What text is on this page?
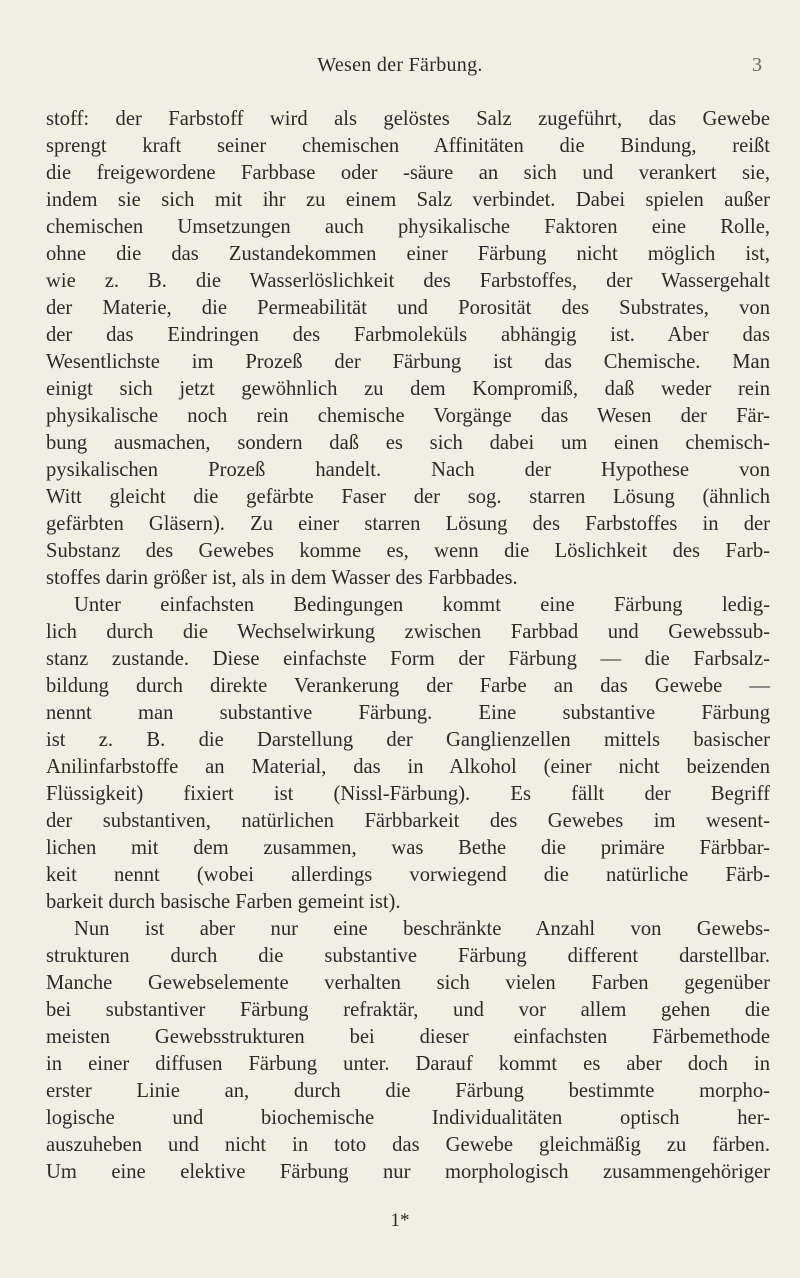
Wesen der Färbung.	3
stoff: der Farbstoff wird als gelöstes Salz zugeführt, das Gewebe
sprengt kraft seiner chemischen Affinitäten die Bindung, reißt
die freigewordene Farbbase oder -säure an sich und verankert sie,
indem sie sich mit ihr zu einem Salz verbindet. Dabei spielen außer
chemischen Umsetzungen auch physikalische Faktoren eine Rolle,
ohne die das Zustandekommen einer Färbung nicht möglich ist,
wie z. B. die Wasserlöslichkeit des Farbstoffes, der Wassergehalt
der Materie, die Permeabilität und Porosität des Substrates, von
der das Eindringen des Farbmoleküls abhängig ist. Aber das
Wesentlichste im Prozeß der Färbung ist das Chemische. Man
einigt sich jetzt gewöhnlich zu dem Kompromiß, daß weder rein
physikalische noch rein chemische Vorgänge das Wesen der Fär-
bung ausmachen, sondern daß es sich dabei um einen chemisch-
pysikalischen Prozeß handelt. Nach der Hypothese von
Witt gleicht die gefärbte Faser der sog. starren Lösung (ähnlich
gefärbten Gläsern). Zu einer starren Lösung des Farbstoffes in der
Substanz des Gewebes komme es, wenn die Löslichkeit des Farb-
stoffes darin größer ist, als in dem Wasser des Farbbades.
Unter einfachsten Bedingungen kommt eine Färbung ledig-
lich durch die Wechselwirkung zwischen Farbbad und Gewebssub-
stanz zustande. Diese einfachste Form der Färbung — die Farbsalz-
bildung durch direkte Verankerung der Farbe an das Gewebe —
nennt man substantive Färbung. Eine substantive Färbung
ist z. B. die Darstellung der Ganglienzellen mittels basischer
Anilinfarbstoffe an Material, das in Alkohol (einer nicht beizenden
Flüssigkeit) fixiert ist (Nissl-Färbung). Es fällt der Begriff
der substantiven, natürlichen Färbbarkeit des Gewebes im wesent-
lichen mit dem zusammen, was Bethe die primäre Färbbar-
keit nennt (wobei allerdings vorwiegend die natürliche Färb-
barkeit durch basische Farben gemeint ist).
Nun ist aber nur eine beschränkte Anzahl von Gewebs-
strukturen durch die substantive Färbung different darstellbar.
Manche Gewebselemente verhalten sich vielen Farben gegenüber
bei substantiver Färbung refraktär, und vor allem gehen die
meisten Gewebsstrukturen bei dieser einfachsten Färbemethode
in einer diffusen Färbung unter. Darauf kommt es aber doch in
erster Linie an, durch die Färbung bestimmte morpho-
logische und biochemische Individualitäten optisch her-
auszuheben und nicht in toto das Gewebe gleichmäßig zu färben.
Um eine elektive Färbung nur morphologisch zusammengehöriger
1*
